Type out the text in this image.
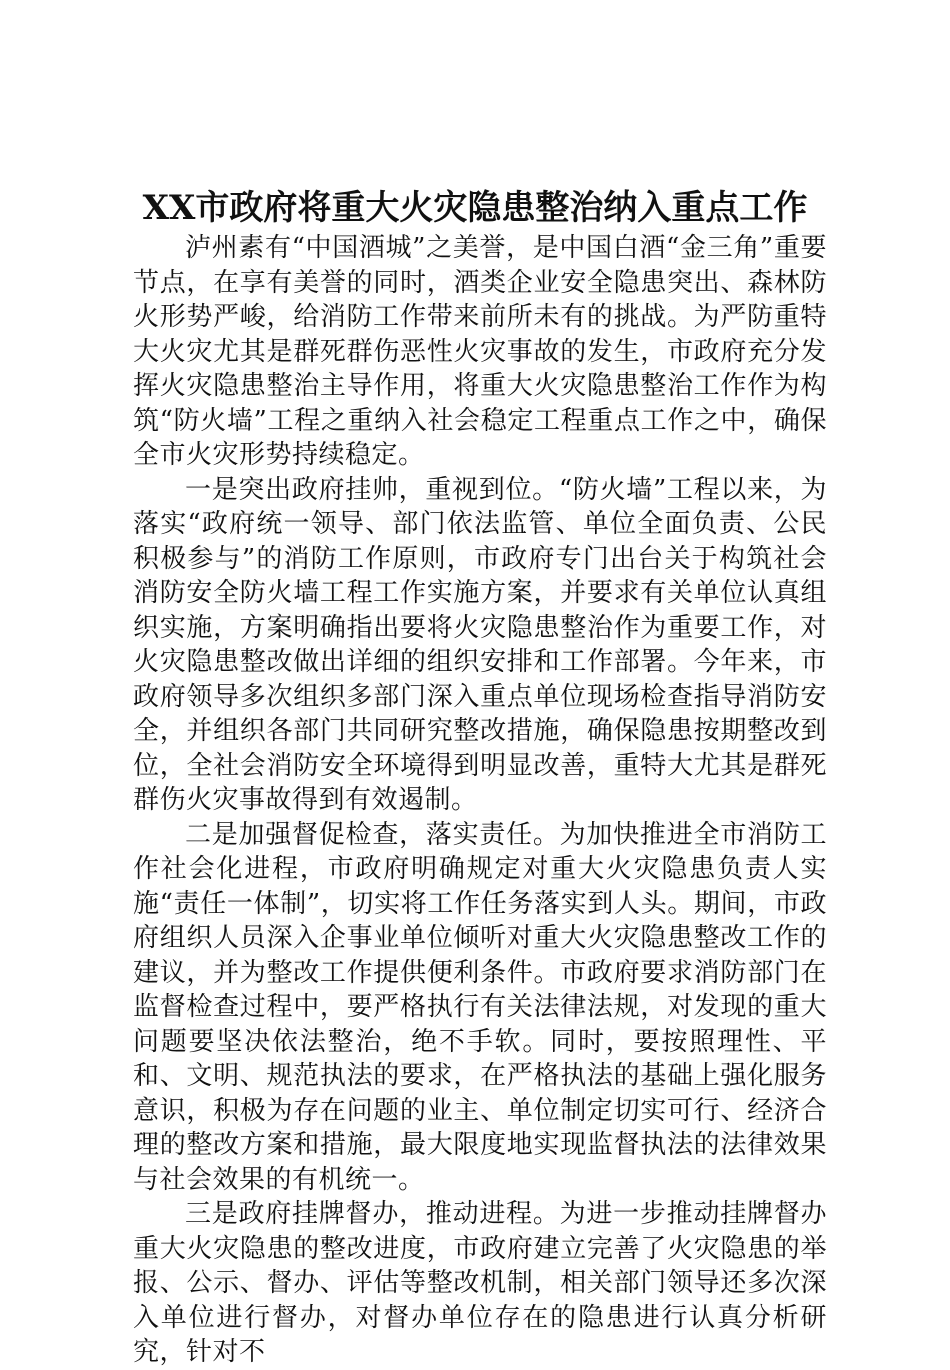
XX市政府将重大火灾隐患整治纳入重点工作

泸州素有“中国酒城”之美誉，是中国白酒“金三角”重要节点，在享有美誉的同时，酒类企业安全隐患突出、森林防火形势严峻，给消防工作带来前所未有的挑战。为严防重特大火灾尤其是群死群伤恶性火灾事故的发生，市政府充分发挥火灾隐患整治主导作用，将重大火灾隐患整治工作作为构筑“防火墙”工程之重纳入社会稳定工程重点工作之中，确保全市火灾形势持续稳定。

一是突出政府挂帅，重视到位。“防火墙”工程以来，为落实“政府统一领导、部门依法监管、单位全面负责、公民积极参与”的消防工作原则，市政府专门出台关于构筑社会消防安全防火墙工程工作实施方案，并要求有关单位认真组织实施，方案明确指出要将火灾隐患整治作为重要工作，对火灾隐患整改做出详细的组织安排和工作部署。今年来，市政府领导多次组织多部门深入重点单位现场检查指导消防安全，并组织各部门共同研究整改措施，确保隐患按期整改到位，全社会消防安全环境得到明显改善，重特大尤其是群死群伤火灾事故得到有效遏制。

二是加强督促检查，落实责任。为加快推进全市消防工作社会化进程，市政府明确规定对重大火灾隐患负责人实施“责任一体制”，切实将工作任务落实到人头。期间，市政府组织人员深入企事业单位倾听对重大火灾隐患整改工作的建议，并为整改工作提供便利条件。市政府要求消防部门在监督检查过程中，要严格执行有关法律法规，对发现的重大问题要坚决依法整治，绝不手软。同时，要按照理性、平和、文明、规范执法的要求，在严格执法的基础上强化服务意识，积极为存在问题的业主、单位制定切实可行、经济合理的整改方案和措施，最大限度地实现监督执法的法律效果与社会效果的有机统一。

三是政府挂牌督办，推动进程。为进一步推动挂牌督办重大火灾隐患的整改进度，市政府建立完善了火灾隐患的举报、公示、督办、评估等整改机制，相关部门领导还多次深入单位进行督办，对督办单位存在的隐患进行认真分析研究，针对不
